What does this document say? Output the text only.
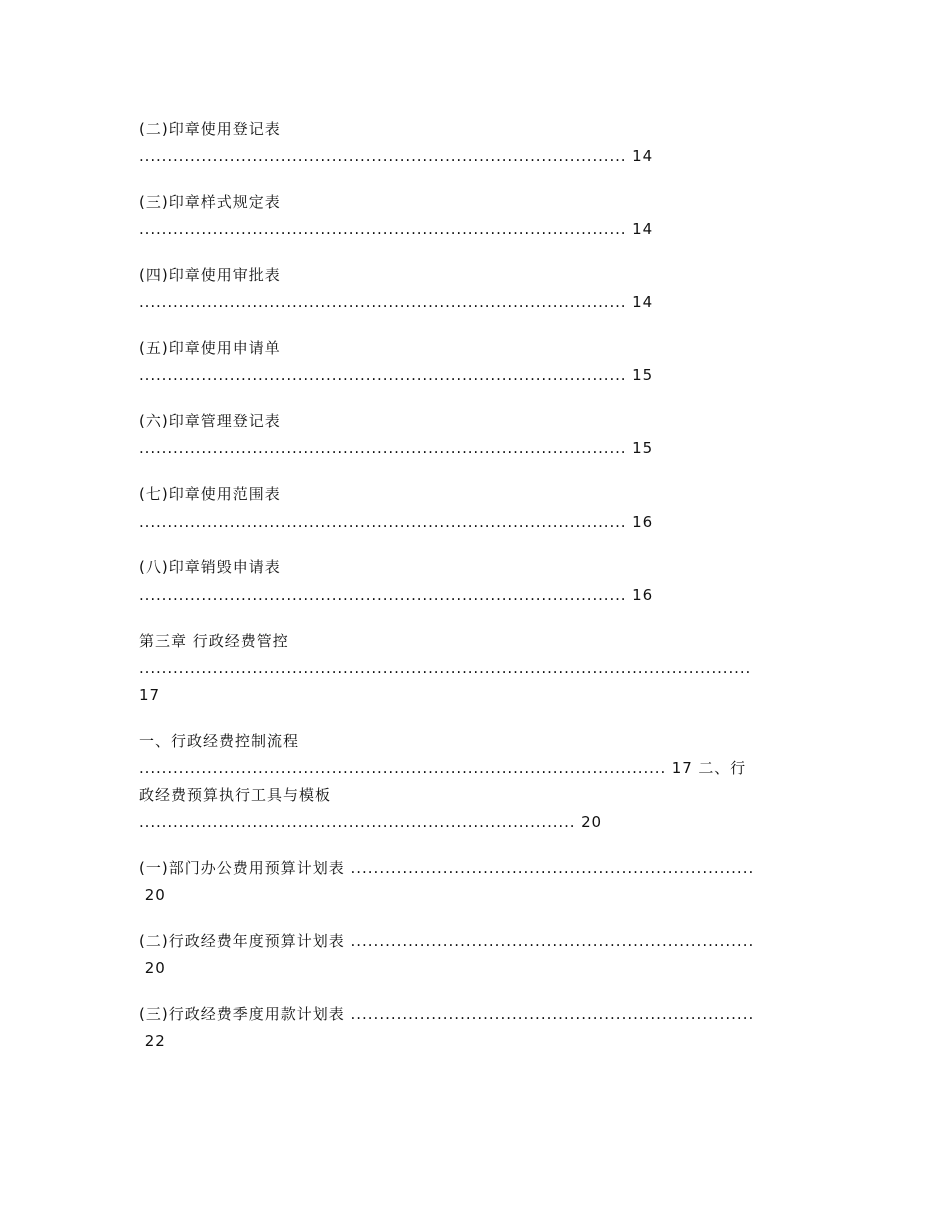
(二)印章使用登记表
...................................................................................... 14
(三)印章样式规定表
...................................................................................... 14
(四)印章使用审批表
...................................................................................... 14
(五)印章使用申请单
...................................................................................... 15
(六)印章管理登记表
...................................................................................... 15
(七)印章使用范围表
...................................................................................... 16
(八)印章销毁申请表
...................................................................................... 16
第三章 行政经费管控
............................................................................................................
17
一、行政经费控制流程
............................................................................................. 17 二、行
政经费预算执行工具与模板
............................................................................. 20
(一)部门办公费用预算计划表 ......................................................................
20
(二)行政经费年度预算计划表 ......................................................................
20
(三)行政经费季度用款计划表 ......................................................................
22
